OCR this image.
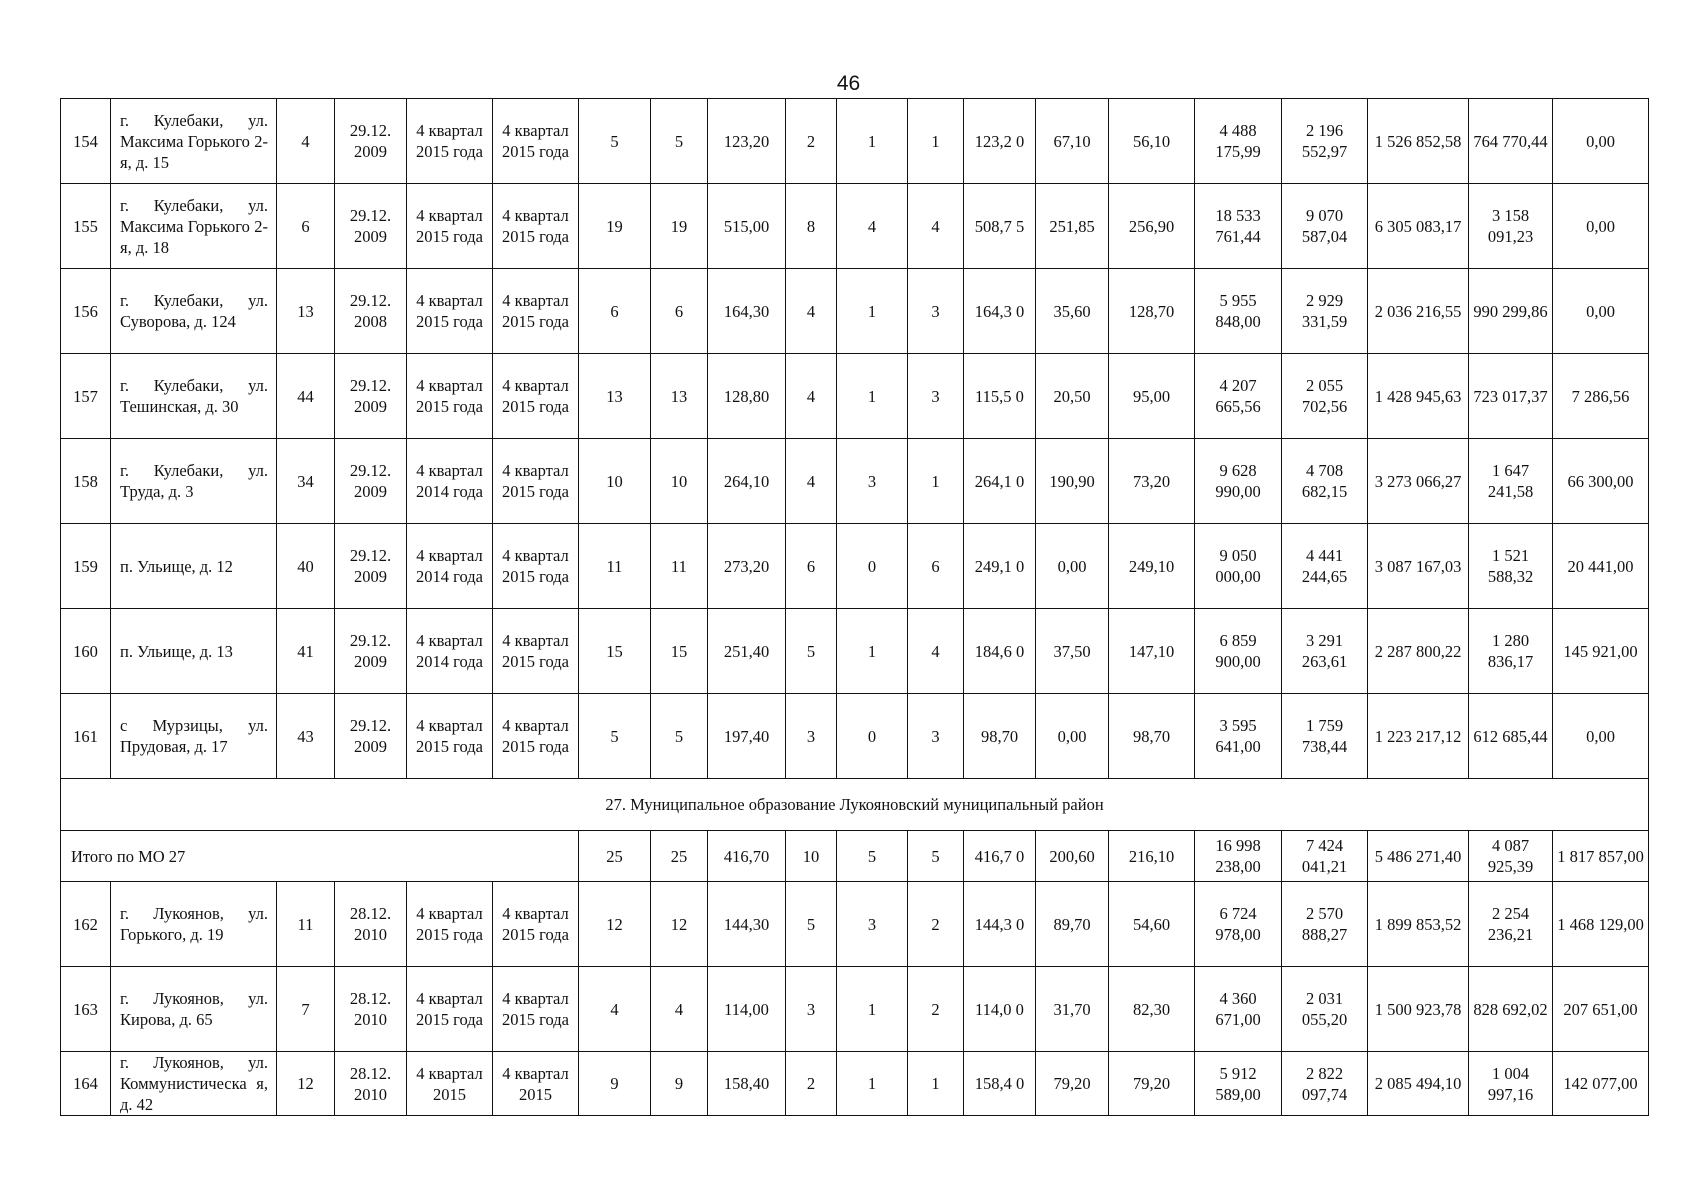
46
154	г. Кулебаки, ул. Максима Горького 2-я, д. 15	4	29.12. 2009	4 квартал 2015 года	4 квартал 2015 года	5	5	123,20	2	1	1	123,2 0	67,10	56,10	4 488 175,99	2 196 552,97	1 526 852,58	764 770,44	0,00
155	г. Кулебаки, ул. Максима Горького 2-я, д. 18	6	29.12. 2009	4 квартал 2015 года	4 квартал 2015 года	19	19	515,00	8	4	4	508,7 5	251,85	256,90	18 533 761,44	9 070 587,04	6 305 083,17	3 158 091,23	0,00
156	г. Кулебаки, ул. Суворова, д. 124	13	29.12. 2008	4 квартал 2015 года	4 квартал 2015 года	6	6	164,30	4	1	3	164,3 0	35,60	128,70	5 955 848,00	2 929 331,59	2 036 216,55	990 299,86	0,00
157	г. Кулебаки, ул. Тешинская, д. 30	44	29.12. 2009	4 квартал 2015 года	4 квартал 2015 года	13	13	128,80	4	1	3	115,5 0	20,50	95,00	4 207 665,56	2 055 702,56	1 428 945,63	723 017,37	7 286,56
158	г. Кулебаки, ул. Труда, д. 3	34	29.12. 2009	4 квартал 2014 года	4 квартал 2015 года	10	10	264,10	4	3	1	264,1 0	190,90	73,20	9 628 990,00	4 708 682,15	3 273 066,27	1 647 241,58	66 300,00
159	п. Ульище, д. 12	40	29.12. 2009	4 квартал 2014 года	4 квартал 2015 года	11	11	273,20	6	0	6	249,1 0	0,00	249,10	9 050 000,00	4 441 244,65	3 087 167,03	1 521 588,32	20 441,00
160	п. Ульище, д. 13	41	29.12. 2009	4 квартал 2014 года	4 квартал 2015 года	15	15	251,40	5	1	4	184,6 0	37,50	147,10	6 859 900,00	3 291 263,61	2 287 800,22	1 280 836,17	145 921,00
161	с Мурзицы, ул. Прудовая, д. 17	43	29.12. 2009	4 квартал 2015 года	4 квартал 2015 года	5	5	197,40	3	0	3	98,70	0,00	98,70	3 595 641,00	1 759 738,44	1 223 217,12	612 685,44	0,00
27. Муниципальное образование Лукояновский муниципальный район																			
Итого по МО 27						25	25	416,70	10	5	5	416,7 0	200,60	216,10	16 998 238,00	7 424 041,21	5 486 271,40	4 087 925,39	1 817 857,00
162	г. Лукоянов, ул. Горького, д. 19	11	28.12. 2010	4 квартал 2015 года	4 квартал 2015 года	12	12	144,30	5	3	2	144,3 0	89,70	54,60	6 724 978,00	2 570 888,27	1 899 853,52	2 254 236,21	1 468 129,00
163	г. Лукоянов, ул. Кирова, д. 65	7	28.12. 2010	4 квартал 2015 года	4 квартал 2015 года	4	4	114,00	3	1	2	114,0 0	31,70	82,30	4 360 671,00	2 031 055,20	1 500 923,78	828 692,02	207 651,00
164	г. Лукоянов, ул. Коммунистическа я, д. 42	12	28.12. 2010	4 квартал 2015	4 квартал 2015	9	9	158,40	2	1	1	158,4 0	79,20	79,20	5 912 589,00	2 822 097,74	2 085 494,10	1 004 997,16	142 077,00
